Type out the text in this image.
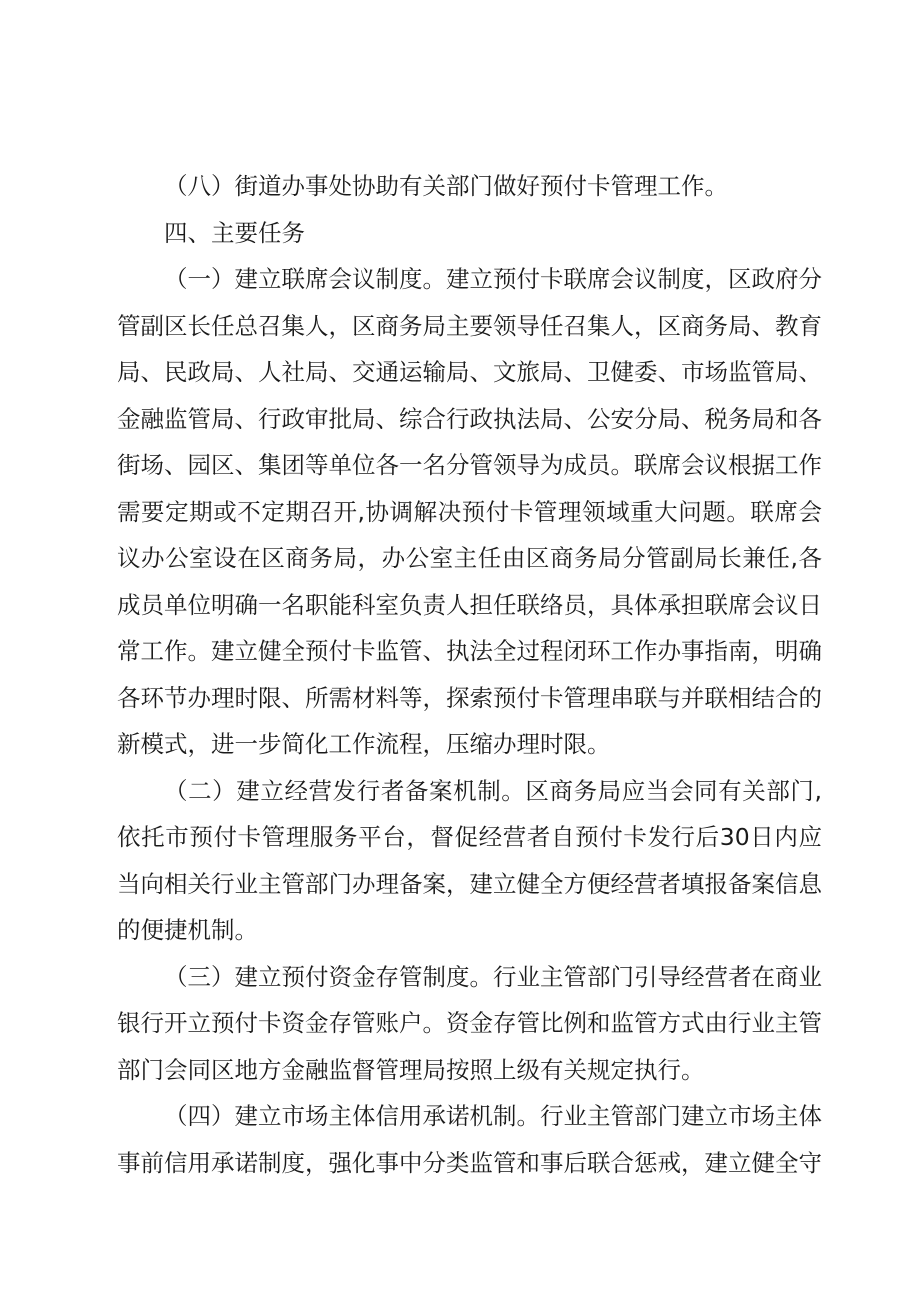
（八）街道办事处协助有关部门做好预付卡管理工作。

四、主要任务

（一）建立联席会议制度。建立预付卡联席会议制度，区政府分管副区长任总召集人，区商务局主要领导任召集人，区商务局、教育局、民政局、人社局、交通运输局、文旅局、卫健委、市场监管局、金融监管局、行政审批局、综合行政执法局、公安分局、税务局和各街场、园区、集团等单位各一名分管领导为成员。联席会议根据工作需要定期或不定期召开,协调解决预付卡管理领域重大问题。联席会议办公室设在区商务局，办公室主任由区商务局分管副局长兼任,各成员单位明确一名职能科室负责人担任联络员，具体承担联席会议日常工作。建立健全预付卡监管、执法全过程闭环工作办事指南，明确各环节办理时限、所需材料等，探索预付卡管理串联与并联相结合的新模式，进一步简化工作流程，压缩办理时限。

（二）建立经营发行者备案机制。区商务局应当会同有关部门,依托市预付卡管理服务平台，督促经营者自预付卡发行后30日内应当向相关行业主管部门办理备案，建立健全方便经营者填报备案信息的便捷机制。

（三）建立预付资金存管制度。行业主管部门引导经营者在商业银行开立预付卡资金存管账户。资金存管比例和监管方式由行业主管部门会同区地方金融监督管理局按照上级有关规定执行。

（四）建立市场主体信用承诺机制。行业主管部门建立市场主体事前信用承诺制度，强化事中分类监管和事后联合惩戒，建立健全守
